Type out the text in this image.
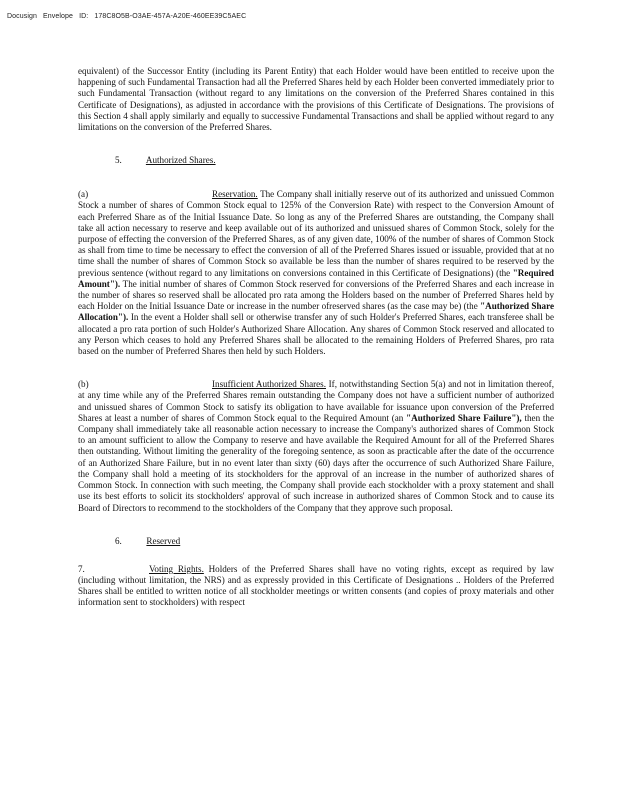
Docusign Envelope ID: 178C8O5B-O3AE-457A-A20E-460EE39C5AEC

equivalent) of the Successor Entity (including its Parent Entity) that each Holder would have been entitled to receive upon the happening of such Fundamental Transaction had all the Preferred Shares held by each Holder been converted immediately prior to such Fundamental Transaction (without regard to any limitations on the conversion of the Preferred Shares contained in this Certificate of Designations), as adjusted in accordance with the provisions of this Certificate of Designations. The provisions of this Section 4 shall apply similarly and equally to successive Fundamental Transactions and shall be applied without regard to any limitations on the conversion of the Preferred Shares.

5.	Authorized Shares.

(a)	Reservation. The Company shall initially reserve out of its authorized and unissued Common Stock a number of shares of Common Stock equal to 125% of the Conversion Rate) with respect to the Conversion Amount of each Preferred Share as of the Initial Issuance Date. So long as any of the Preferred Shares are outstanding, the Company shall take all action necessary to reserve and keep available out of its authorized and unissued shares of Common Stock, solely for the purpose of effecting the conversion of the Preferred Shares, as of any given date, 100% of the number of shares of Common Stock as shall from time to time be necessary to effect the conversion of all of the Preferred Shares issued or issuable, provided that at no time shall the number of shares of Common Stock so available be less than the number of shares required to be reserved by the previous sentence (without regard to any limitations on conversions contained in this Certificate of Designations) (the "Required Amount"). The initial number of shares of Common Stock reserved for conversions of the Preferred Shares and each increase in the number of shares so reserved shall be allocated pro rata among the Holders based on the number of Preferred Shares held by each Holder on the Initial Issuance Date or increase in the number ofreserved shares (as the case may be) (the "Authorized Share Allocation"). In the event a Holder shall sell or otherwise transfer any of such Holder's Preferred Shares, each transferee shall be allocated a pro rata portion of such Holder's Authorized Share Allocation. Any shares of Common Stock reserved and allocated to any Person which ceases to hold any Preferred Shares shall be allocated to the remaining Holders of Preferred Shares, pro rata based on the number of Preferred Shares then held by such Holders.

(b)	Insufficient Authorized Shares. If, notwithstanding Section 5(a) and not in limitation thereof, at any time while any of the Preferred Shares remain outstanding the Company does not have a sufficient number of authorized and unissued shares of Common Stock to satisfy its obligation to have available for issuance upon conversion of the Preferred Shares at least a number of shares of Common Stock equal to the Required Amount (an "Authorized Share Failure"), then the Company shall immediately take all reasonable action necessary to increase the Company's authorized shares of Common Stock to an amount sufficient to allow the Company to reserve and have available the Required Amount for all of the Preferred Shares then outstanding. Without limiting the generality of the foregoing sentence, as soon as practicable after the date of the occurrence of an Authorized Share Failure, but in no event later than sixty (60) days after the occurrence of such Authorized Share Failure, the Company shall hold a meeting of its stockholders for the approval of an increase in the number of authorized shares of Common Stock. In connection with such meeting, the Company shall provide each stockholder with a proxy statement and shall use its best efforts to solicit its stockholders' approval of such increase in authorized shares of Common Stock and to cause its Board of Directors to recommend to the stockholders of the Company that they approve such proposal.

6.	Reserved

7.	Voting Rights. Holders of the Preferred Shares shall have no voting rights, except as required by law (including without limitation, the NRS) and as expressly provided in this Certificate of Designations .. Holders of the Preferred Shares shall be entitled to written notice of all stockholder meetings or written consents (and copies of proxy materials and other information sent to stockholders) with respect
